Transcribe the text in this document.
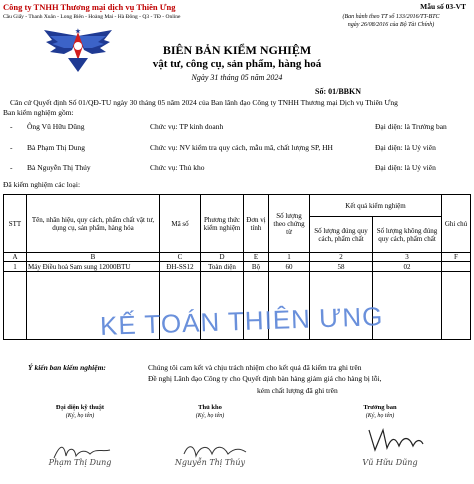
Công ty TNHH Thương mại dịch vụ Thiên Ưng
Cầu Giấy - Thanh Xuân - Long Biên - Hoàng Mai - Hà Đông - Q3 - TĐ - Online
★
Mẫu số 03-VT
(Ban hành theo TT số 133/2016/TT-BTC
ngày 26/08/2016 của Bộ Tài Chính)
BIÊN BẢN KIỂM NGHIỆM
vật tư, công cụ, sản phẩm, hàng hoá
Ngày 31 tháng 05 năm 2024
Số: 01/BBKN
Căn cứ Quyết định Số 01/QĐ-TU ngày 30 tháng 05 năm 2024 của Ban lãnh đạo Công ty TNHH Thương mại Dịch vụ Thiên Ưng
Ban kiểm nghiệm gồm:
- Ông Vũ Hữu Dũng	Chức vụ: TP kinh doanh	Đại diện: là Trưởng ban
- Bà Phạm Thị Dung	Chức vụ: NV kiểm tra quy cách, mẫu mã, chất lượng SP, HH	Đại diện: là Uỷ viên
- Bà Nguyễn Thị Thúy	Chức vụ: Thủ kho	Đại diện: là Uỷ viên
Đã kiểm nghiệm các loại:
STT	Tên, nhãn hiệu, quy cách, phẩm chất vật tư, dụng cụ, sản phẩm, hàng hóa	Mã số	Phương thức kiểm nghiệm	Đơn vị tính	Số lượng theo chứng từ	Kết quả kiểm nghiệm		Ghi chú
						Số lượng đúng quy cách, phẩm chất	Số lượng không đúng quy cách, phẩm chất	
A	B	C	D	E	1	2	3	F
1	Máy Điều hoà Sam sung 12000BTU	ĐH-SS12	Toàn diện	Bộ	60	58	02	

KẾ TOÁN THIÊN ƯNG
Ý kiến ban kiểm nghiệm:	Chúng tôi cam kết và chịu trách nhiệm cho kết quả đã kiểm tra ghi trên
Đề nghị Lãnh đạo Công ty cho Quyết định bàn hàng giảm giá cho hàng bị lỗi,
kém chất lượng đã ghi trên
Đại diện kỹ thuật
(Ký, họ tên)
Phạm Thị Dung
Thủ kho
(Ký, họ tên)
Nguyễn Thị Thúy
Trưởng ban
(Ký, họ tên)
Vũ Hữu Dũng
